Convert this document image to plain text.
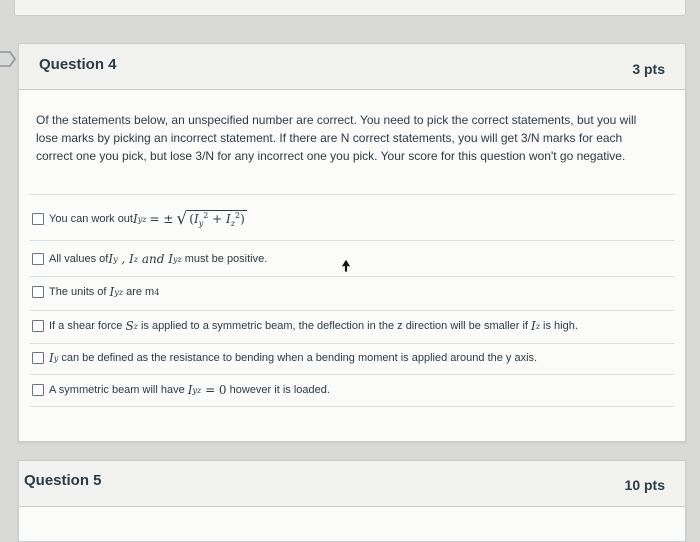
Question 4	3 pts
Of the statements below, an unspecified number are correct. You need to pick the correct statements, but you will lose marks by picking an incorrect statement. If there are N correct statements, you will get 3/N marks for each correct one you pick, but lose 3/N for any incorrect one you pick. Your score for this question won't go negative.
You can work out I yz = ± √ $(I_y^2 + I_z^2)$
All values of I y , I z and I yz must be positive.
The units of I yz are m 4
If a shear force S z is applied to a symmetric beam, the deflection in the z direction will be smaller if I z is high.
I y can be defined as the resistance to bending when a bending moment is applied around the y axis.
A symmetric beam will have I yz = 0 however it is loaded.
Question 5	10 pts
